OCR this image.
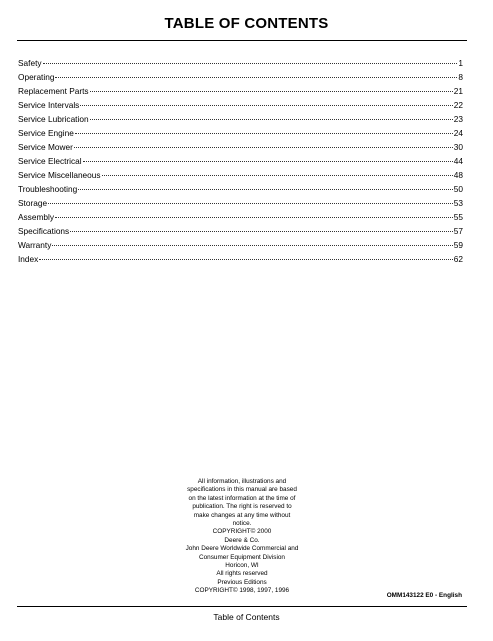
TABLE OF CONTENTS
Safety	1
Operating	8
Replacement Parts	21
Service Intervals	22
Service Lubrication	23
Service Engine	24
Service Mower	30
Service Electrical	44
Service Miscellaneous	48
Troubleshooting	50
Storage	53
Assembly	55
Specifications	57
Warranty	59
Index	62
All information, illustrations and
specifications in this manual are based
on the latest information at the time of
publication. The right is reserved to
make changes at any time without
notice.
COPYRIGHT© 2000
Deere & Co.
John Deere Worldwide Commercial and
Consumer Equipment Division
Horicon, WI
All rights reserved
Previous Editions
COPYRIGHT© 1998, 1997, 1996
OMM143122 E0 - English
Table of Contents
